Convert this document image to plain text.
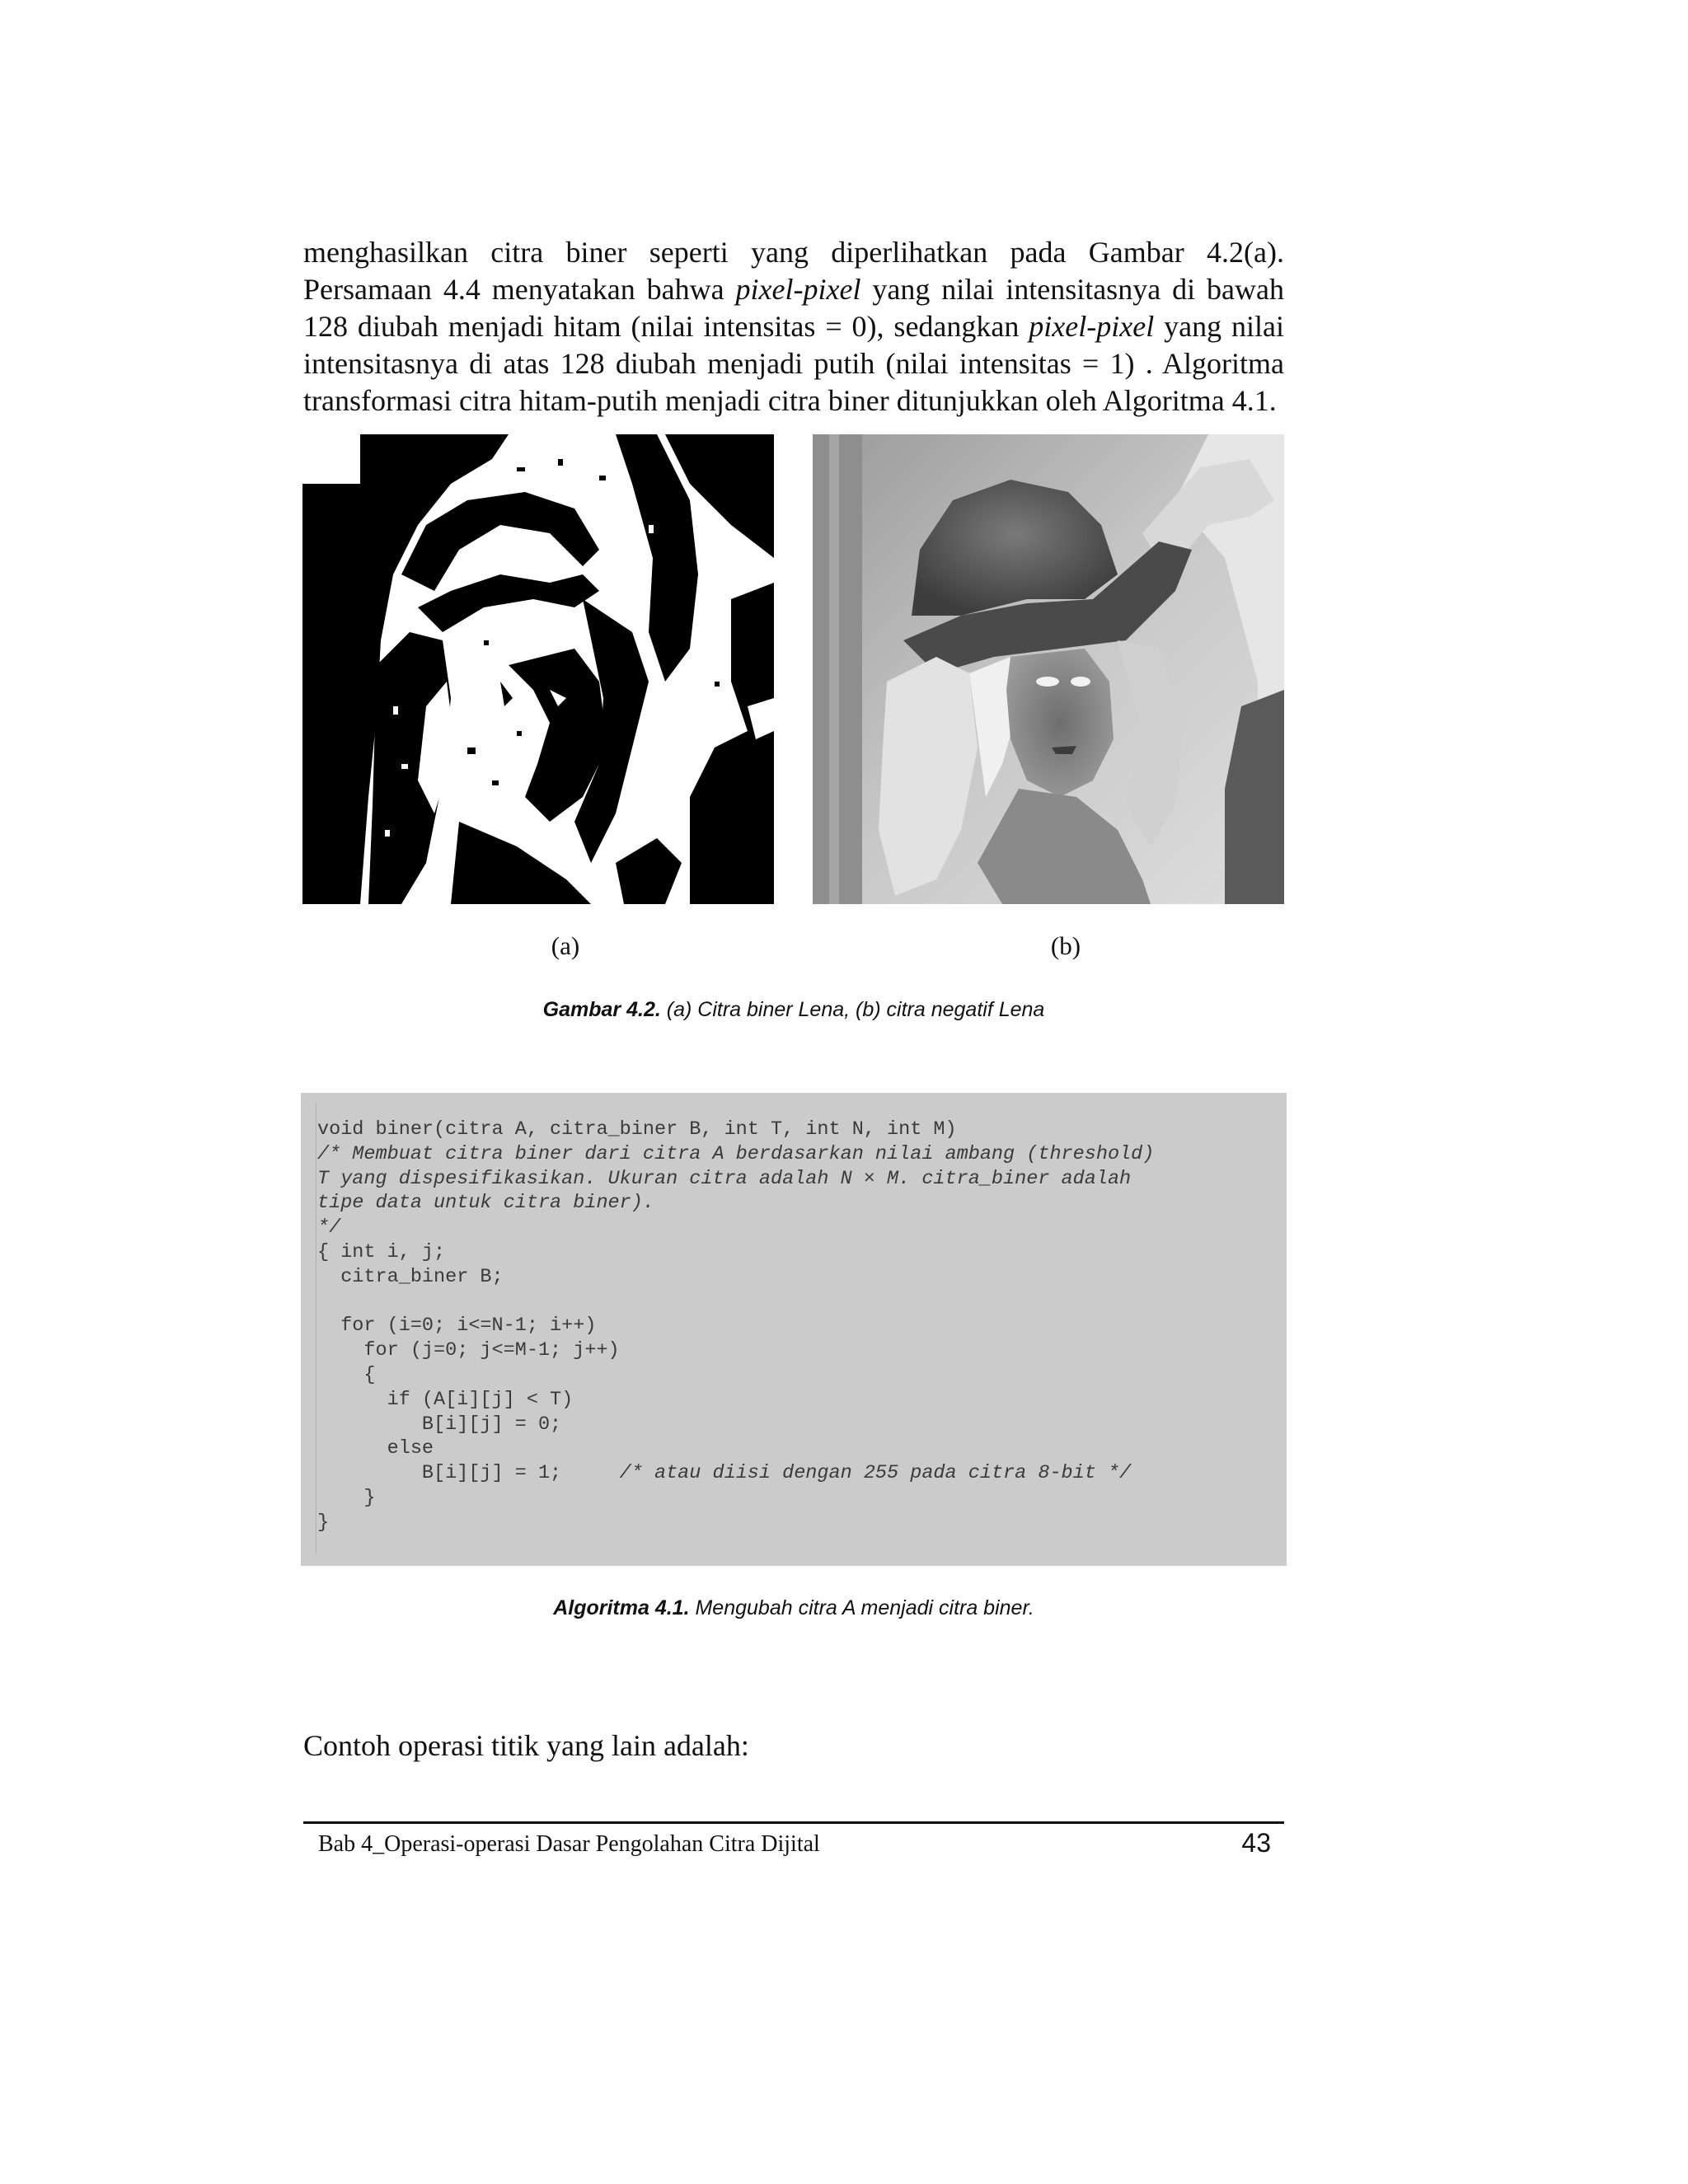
menghasilkan citra biner seperti yang diperlihatkan pada Gambar 4.2(a). Persamaan 4.4 menyatakan bahwa pixel-pixel yang nilai intensitasnya di bawah 128 diubah menjadi hitam (nilai intensitas = 0), sedangkan pixel-pixel yang nilai intensitasnya di atas 128 diubah menjadi putih (nilai intensitas = 1) . Algoritma transformasi citra hitam-putih menjadi citra biner ditunjukkan oleh Algoritma 4.1.
(a)	(b)
Gambar 4.2. (a) Citra biner Lena, (b) citra negatif Lena
void biner(citra A, citra_biner B, int T, int N, int M)
/* Membuat citra biner dari citra A berdasarkan nilai ambang (threshold)
T yang dispesifikasikan. Ukuran citra adalah N × M. citra_biner adalah
tipe data untuk citra biner).
*/
{ int i, j;
citra_biner B;

for (i=0; i<=N-1; i++)
for (j=0; j<=M-1; j++)
{
if (A[i][j] < T)
B[i][j] = 0;
else
B[i][j] = 1;     /* atau diisi dengan 255 pada citra 8-bit */
}
}
Algoritma 4.1. Mengubah citra A menjadi citra biner.
Contoh operasi titik yang lain adalah:
Bab 4_Operasi-operasi Dasar Pengolahan Citra Dijital	43
